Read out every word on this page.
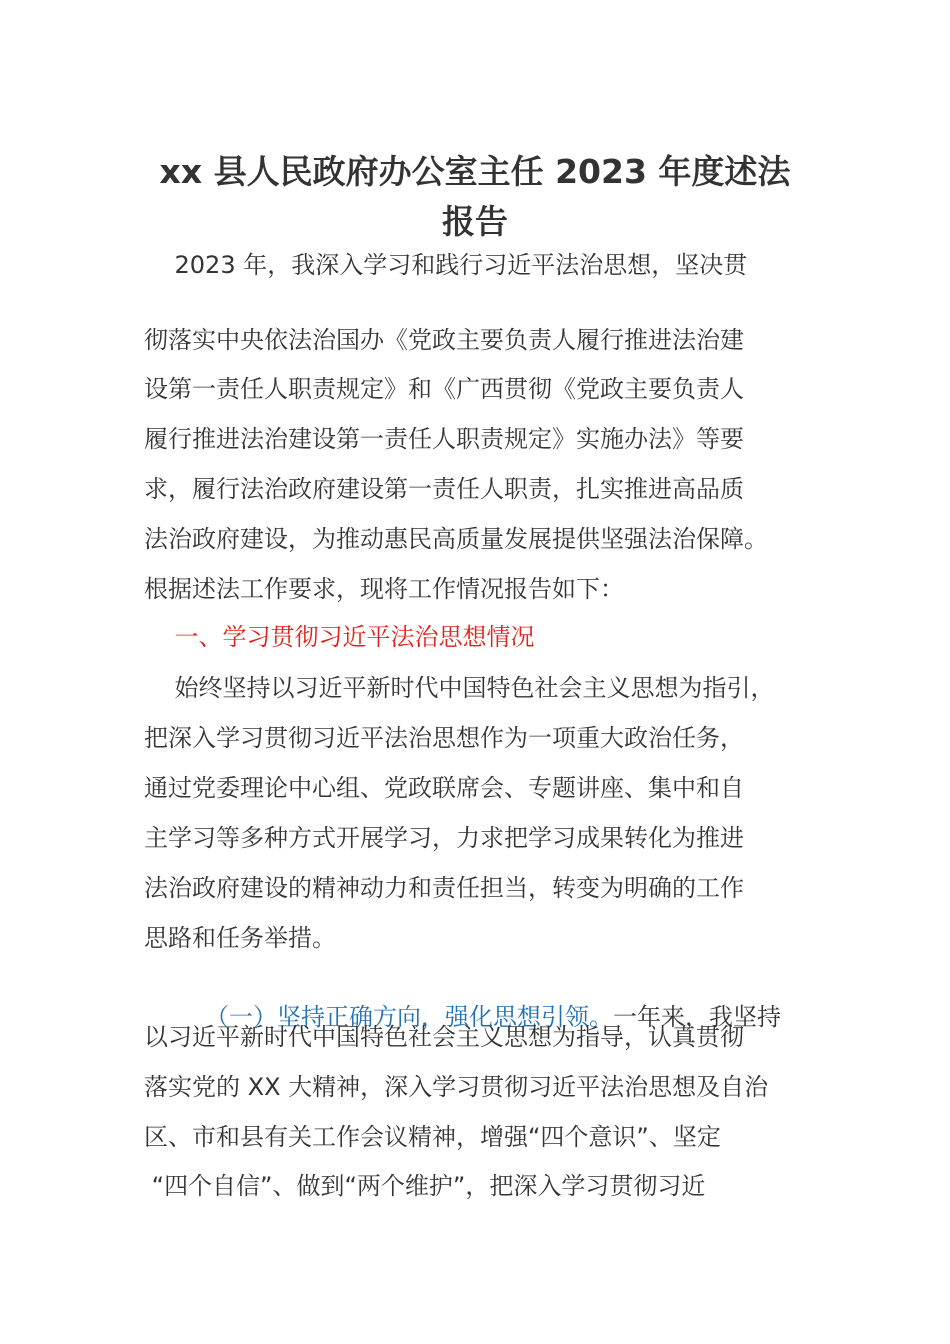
xx 县人民政府办公室主任 2023 年度述法
报告
2023 年，我深入学习和践行习近平法治思想，坚决贯
彻落实中央依法治国办《党政主要负责人履行推进法治建
设第一责任人职责规定》和《广西贯彻《党政主要负责人
履行推进法治建设第一责任人职责规定》实施办法》等要
求，履行法治政府建设第一责任人职责，扎实推进高品质
法治政府建设，为推动惠民高质量发展提供坚强法治保障。
根据述法工作要求，现将工作情况报告如下：
一、学习贯彻习近平法治思想情况
始终坚持以习近平新时代中国特色社会主义思想为指引，
把深入学习贯彻习近平法治思想作为一项重大政治任务，
通过党委理论中心组、党政联席会、专题讲座、集中和自
主学习等多种方式开展学习，力求把学习成果转化为推进
法治政府建设的精神动力和责任担当，转变为明确的工作
思路和任务举措。

（一）坚持正确方向，强化思想引领。一年来，我坚持

以习近平新时代中国特色社会主义思想为指导，认真贯彻
落实党的 XX 大精神，深入学习贯彻习近平法治思想及自治
区、市和县有关工作会议精神，增强“四个意识”、坚定
“四个自信”、做到“两个维护”，把深入学习贯彻习近
